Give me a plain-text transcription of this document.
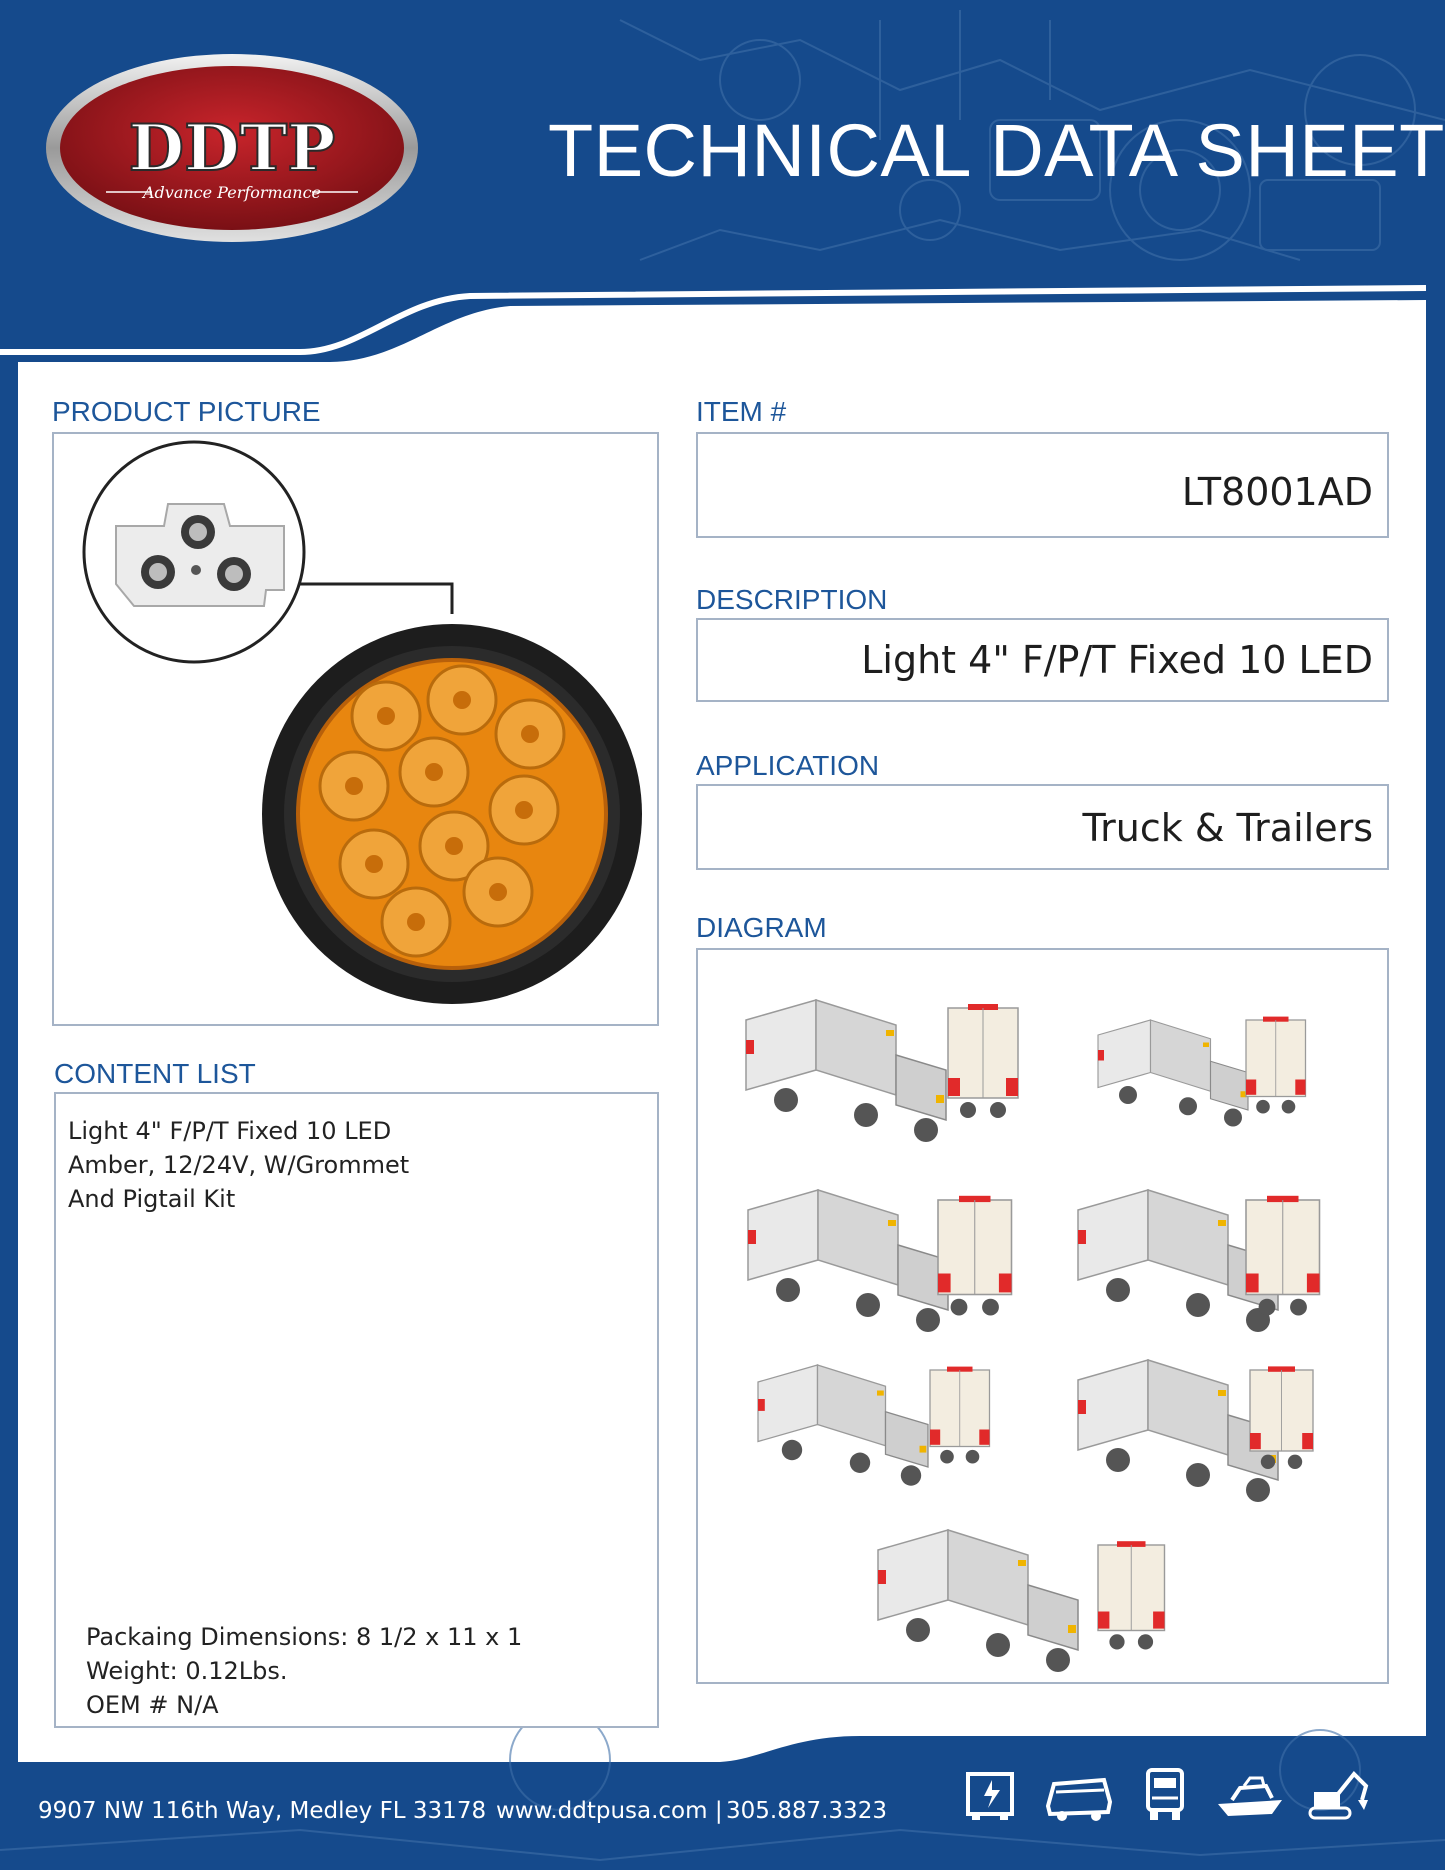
DDTP
Advance Performance
TECHNICAL DATA SHEET
PRODUCT PICTURE
CONTENT LIST
Light 4" F/P/T Fixed 10 LED
Amber, 12/24V, W/Grommet
And Pigtail Kit
Packaing Dimensions: 8 1/2 x 11 x 1
Weight: 0.12Lbs.
OEM # N/A
ITEM #
LT8001AD
DESCRIPTION
Light 4" F/P/T Fixed 10 LED
APPLICATION
Truck & Trailers
DIAGRAM
9907 NW 116th Way, Medley FL 33178 www.ddtpusa.com | 305.887.3323
